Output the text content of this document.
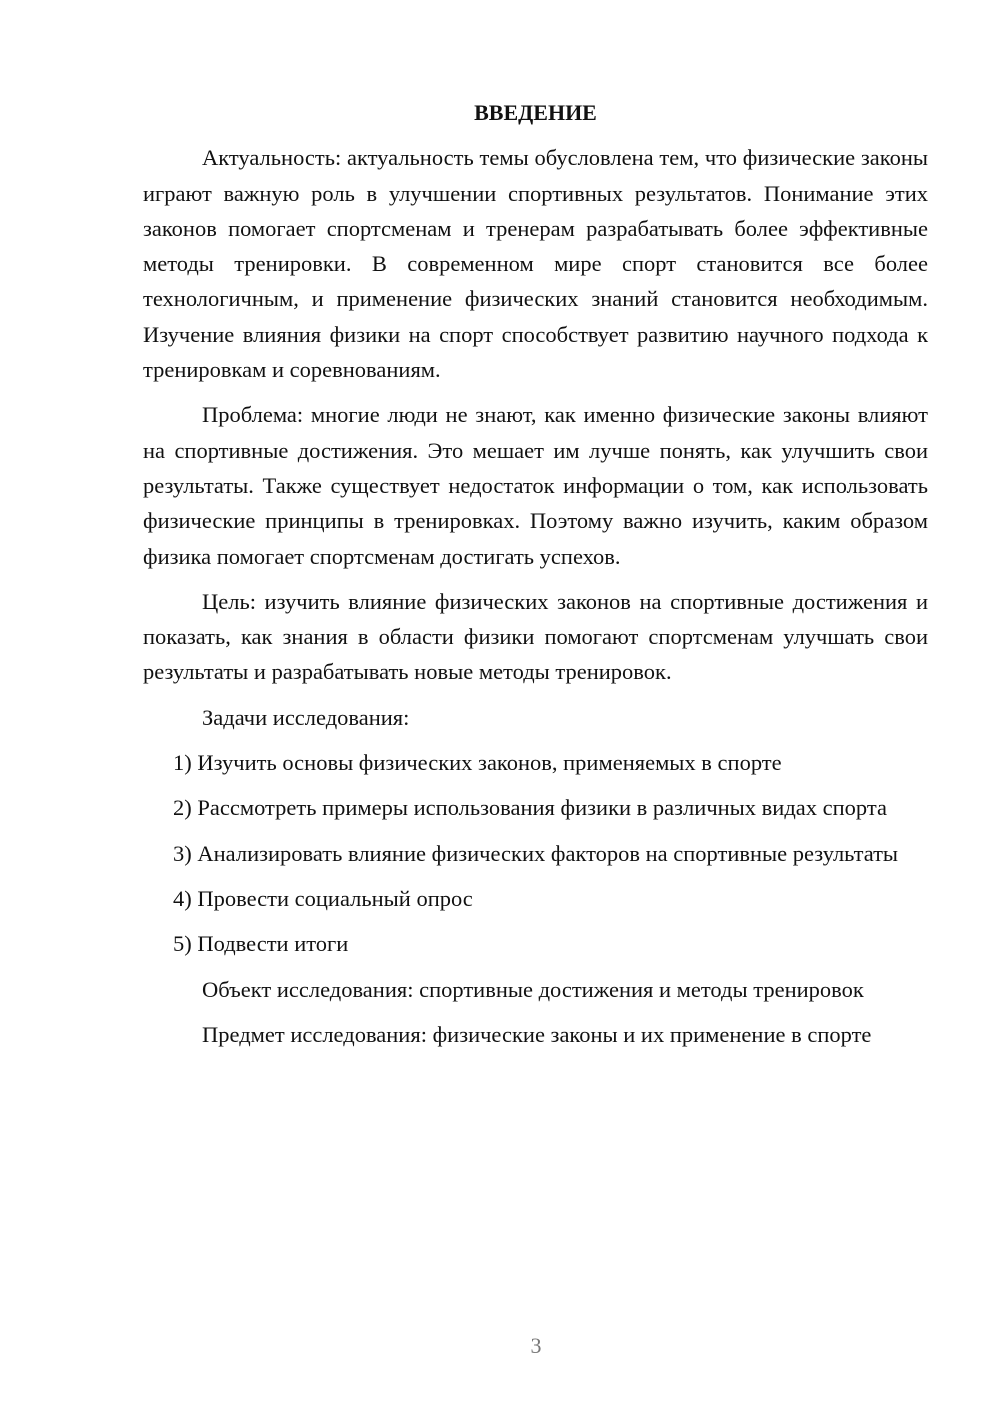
ВВЕДЕНИЕ

Актуальность: актуальность темы обусловлена тем, что физические законы играют важную роль в улучшении спортивных результатов. Понимание этих законов помогает спортсменам и тренерам разрабатывать более эффективные методы тренировки. В современном мире спорт становится все более технологичным, и применение физических знаний становится необходимым. Изучение влияния физики на спорт способствует развитию научного подхода к тренировкам и соревнованиям.

Проблема: многие люди не знают, как именно физические законы влияют на спортивные достижения. Это мешает им лучше понять, как улучшить свои результаты. Также существует недостаток информации о том, как использовать физические принципы в тренировках. Поэтому важно изучить, каким образом физика помогает спортсменам достигать успехов.

Цель: изучить влияние физических законов на спортивные достижения и показать, как знания в области физики помогают спортсменам улучшать свои результаты и разрабатывать новые методы тренировок.

Задачи исследования:

1) Изучить основы физических законов, применяемых в спорте

2) Рассмотреть примеры использования физики в различных видах спорта

3) Анализировать влияние физических факторов на спортивные результаты

4) Провести социальный опрос

5) Подвести итоги

Объект исследования: спортивные достижения и методы тренировок

Предмет исследования: физические законы и их применение в спорте

3
